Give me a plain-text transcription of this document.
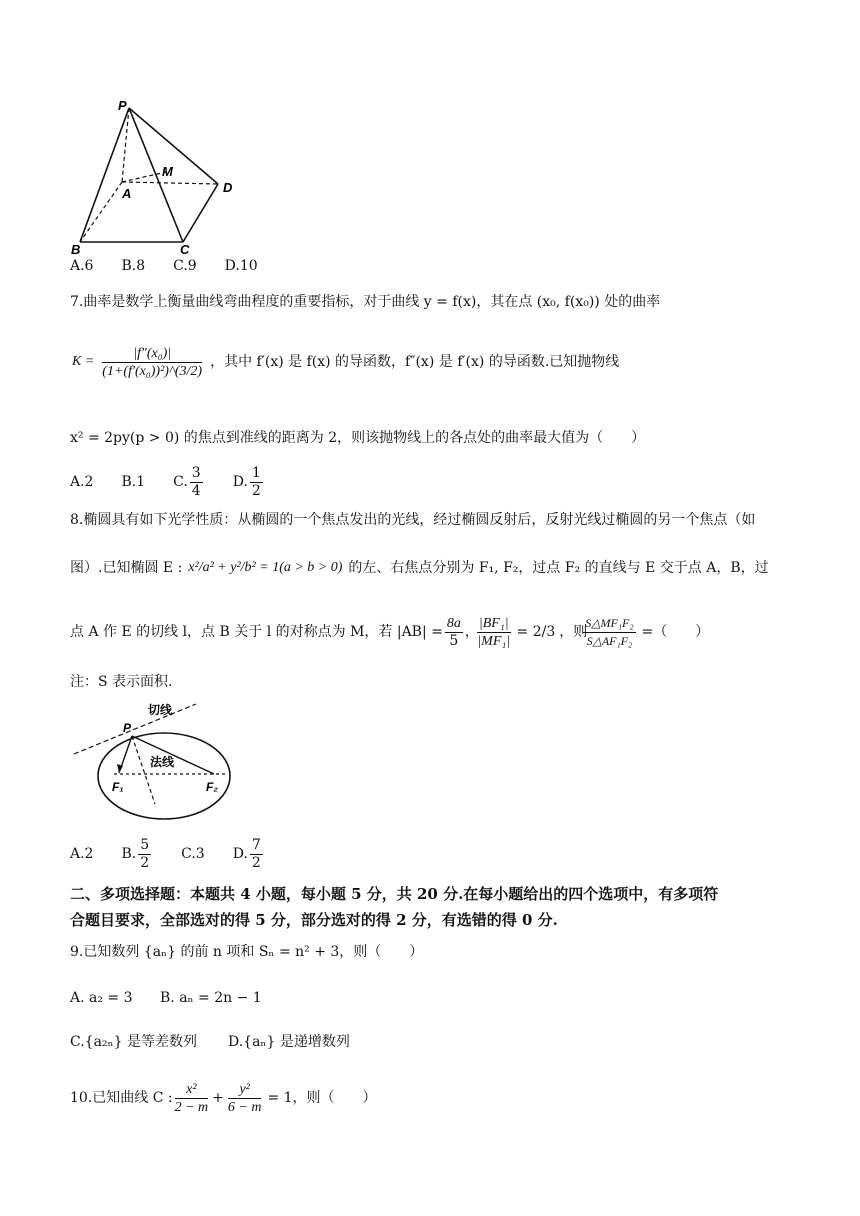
P
M
A	D
B	C
A.6　　B.8　　C.9　　D.10
7.曲率是数学上衡量曲线弯曲程度的重要指标，对于曲线 y = f(x)，其在点 (x₀, f(x₀)) 处的曲率
$K = \frac{\text{|f″(x₀)|}}{\text{(1+(f′(x₀))²)\textasciicircum{}(3/2)}}$ ，其中 f′(x) 是 f(x) 的导函数，f″(x) 是 f′(x) 的导函数.已知抛物线
x² = 2py(p > 0) 的焦点到准线的距离为 2，则该抛物线上的各点处的曲率最大值为（　　）
A.2 B.1 C. $\frac{3}{4} D$. $\frac{1}{2}$
8.椭圆具有如下光学性质：从椭圆的一个焦点发出的光线，经过椭圆反射后，反射光线过椭圆的另一个焦点（如
图）.已知椭圆 E : x²/a² + y²/b² = 1(a > b > 0) 的左、右焦点分别为 F₁, F₂，过点 F₂ 的直线与 E 交于点 A，B，过
点 A 作 E 的切线 l，点 B 关于 l 的对称点为 M，若 $|AB| = \frac{8a}{5}$ ，
$\frac{\text{|BF₁|}}{\text{|MF₁|}} = 2/3$ ，则
$\frac{\text{S△MF₁F₂}}{\text{S△AF₁F₂}}$ =（　　）
注：S 表示面积.
切线
法线
P
F₁	F₂
A.2 B. $\frac{5}{2} C.3$ D. $\frac{7}{2}$
二、多项选择题：本题共 4 小题，每小题 5 分，共 20 分.在每小题给出的四个选项中，有多项符
合题目要求，全部选对的得 5 分，部分选对的得 2 分，有选错的得 0 分.
9.已知数列 {aₙ} 的前 n 项和 Sₙ = n² + 3，则（　　）
A. a₂ = 3 B. aₙ = 2n − 1
C.{a₂ₙ} 是等差数列 D.{aₙ} 是递增数列
10.已知曲线 C : $\frac{\text{x²}}{2 - m} + \frac{\text{y²}}{6 - m} = 1$，则（　　）
